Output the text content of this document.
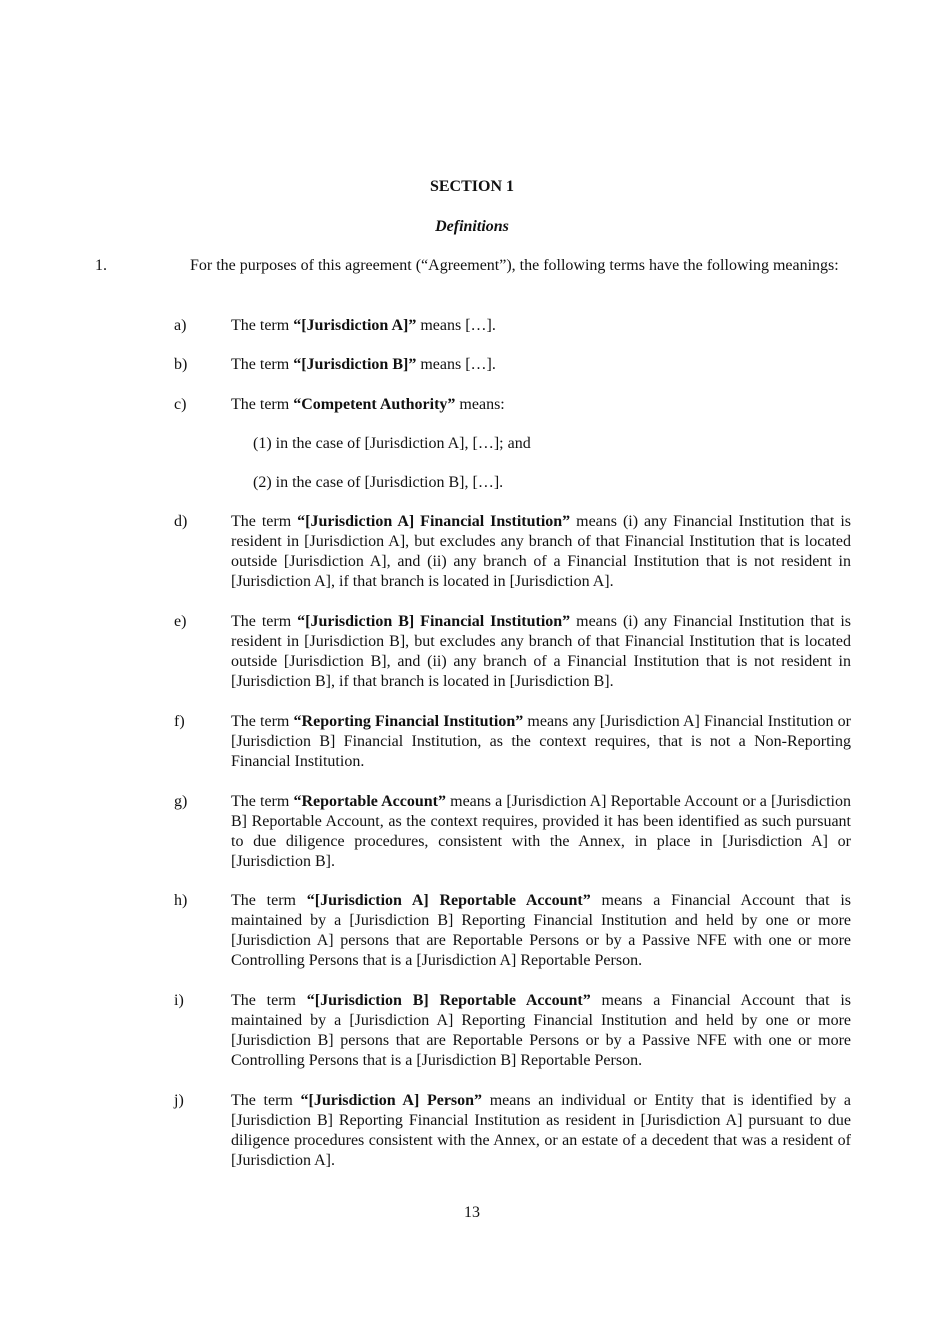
SECTION 1
Definitions
1.	For the purposes of this agreement (“Agreement”), the following terms have the following meanings:
a)	The term “[Jurisdiction A]” means […].
b)	The term “[Jurisdiction B]” means […].
c)	The term “Competent Authority” means:
(1) in the case of [Jurisdiction A], […]; and
(2) in the case of [Jurisdiction B], […].
d)	The term “[Jurisdiction A] Financial Institution” means (i) any Financial Institution that is resident in [Jurisdiction A], but excludes any branch of that Financial Institution that is located outside [Jurisdiction A], and (ii) any branch of a Financial Institution that is not resident in [Jurisdiction A], if that branch is located in [Jurisdiction A].
e)	The term “[Jurisdiction B] Financial Institution” means (i) any Financial Institution that is resident in [Jurisdiction B], but excludes any branch of that Financial Institution that is located outside [Jurisdiction B], and (ii) any branch of a Financial Institution that is not resident in [Jurisdiction B], if that branch is located in [Jurisdiction B].
f)	The term “Reporting Financial Institution” means any [Jurisdiction A] Financial Institution or [Jurisdiction B] Financial Institution, as the context requires, that is not a Non-Reporting Financial Institution.
g)	The term “Reportable Account” means a [Jurisdiction A] Reportable Account or a [Jurisdiction B] Reportable Account, as the context requires, provided it has been identified as such pursuant to due diligence procedures, consistent with the Annex, in place in [Jurisdiction A] or [Jurisdiction B].
h)	The term “[Jurisdiction A] Reportable Account” means a Financial Account that is maintained by a [Jurisdiction B] Reporting Financial Institution and held by one or more [Jurisdiction A] persons that are Reportable Persons or by a Passive NFE with one or more Controlling Persons that is a [Jurisdiction A] Reportable Person.
i)	The term “[Jurisdiction B] Reportable Account” means a Financial Account that is maintained by a [Jurisdiction A] Reporting Financial Institution and held by one or more [Jurisdiction B] persons that are Reportable Persons or by a Passive NFE with one or more Controlling Persons that is a [Jurisdiction B] Reportable Person.
j)	The term “[Jurisdiction A] Person” means an individual or Entity that is identified by a [Jurisdiction B] Reporting Financial Institution as resident in [Jurisdiction A] pursuant to due diligence procedures consistent with the Annex, or an estate of a decedent that was a resident of [Jurisdiction A].
13
